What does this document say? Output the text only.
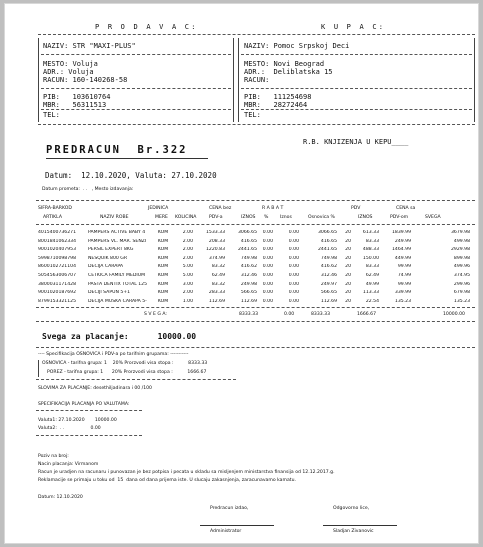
P R O D A V A C:	K U P A C:
NAZIV: STR "MAXI-PLUS"
MESTO: Voluja
ADR.: Voluja
RACUN: 160-140268-58
PIB:   103610764
MBR:   56311513
TEL:
NAZIV: Pomoc Srpskoj Deci
MESTO: Novi Beograd
ADR.:  Deliblatska 15
RACUN:
PIB:   111254698
MBR:   28272464
TEL:
R.B. KNJIZENJA U KEPU____
PREDRACUN  Br.322
Datum:  12.10.2020, Valuta: 27.10.2020
Datum prometa:  . .   , Mesto izdavanja:
SIFRA-BARKOD	JEDINICA	CENA bez	R A B A T	PDV	CENA sa
ARTIKLA	NAZIV ROBE	MERE KOLICINA	PDV-a	IZNOS %	Iznos	Osnovica %	IZNOS	PDV-om	SVEGA
4015400736271	PAMPERS ACTIVE BABY 4	KOM	2.00	1533.33	3066.65	0.00	0.00	3066.65	20	613.33	1839.99	3679.98
8001841062334	PAMPERS VL. MAR. SENZI	KOM	2.00	208.33	416.65	0.00	0.00	416.65	20	83.33	249.99	499.98
9001020407953	PERSIL EXPERT 8KG	KOM	2.00	1220.83	2441.65	0.00	0.00	2441.65	20	488.33	1464.99	2929.98
5998710098798	NESQUIK 800 GR	KOM	2.00	374.99	749.98	0.00	0.00	749.98	20	150.00	449.99	899.98
8600102721104	DECIJA CARAPA	KOM	5.00	83.32	416.62	0.00	0.00	416.62	20	83.33	99.99	499.96
5054563006707	CETKICA FAMILY MEDIUM	KOM	5.00	62.49	312.46	0.00	0.00	312.46	20	62.49	74.99	374.95
3800031171428	PASTA DENTIX TOTAL 125	KOM	3.00	83.32	249.98	0.00	0.00	249.97	20	49.99	99.99	299.96
9001020187692	DECIJI SAPUN 5+1	KOM	2.00	283.33	566.65	0.00	0.00	566.65	20	113.33	339.99	679.98
8799153321125	DECIJA MUSKA CARAPA 5-	KOM	1.00	112.69	112.69	0.00	0.00	112.69	20	22.54	135.23	135.23
S V E G A:	8333.33	0.00	8333.33	1666.67	10000.00
Svega za placanje:      10000.00
---- Specifikacija OSNOVICA i PDV-a po tarifnim grupama: -----------
OSNOVICA - tarifna grupa: 1    20% Prorzvodi visa stopa :          8333.33
POREZ - tarifna grupa: 1      20% Prorzvodi visa stopa :          1666.67
SLOVIMA ZA PLACANJE: desethiljadinara i 00 /100
SPECIFIKACIJA PLACANJA PO VALUTAMA:
Valuta1: 27.10.2020       10000.00
Valuta2:  . .                  0.00
Poziv na broj:
Nacin placanja: Virmanom
Racun je uradjen na racunaru i punovazan je bez potpisa i pecata u skladu sa misljenjem ministarstva finansija od 12.12.2017.g.
Reklamacije se primaju u toku od  15  dana od dana prijema iste. U slucaju zakasnjenja, zaracunavamo kamatu.
Datum: 12.10.2020
Predracun izdao,	Odgovorno lice,
Administrator	Sladjan Zivanovic
